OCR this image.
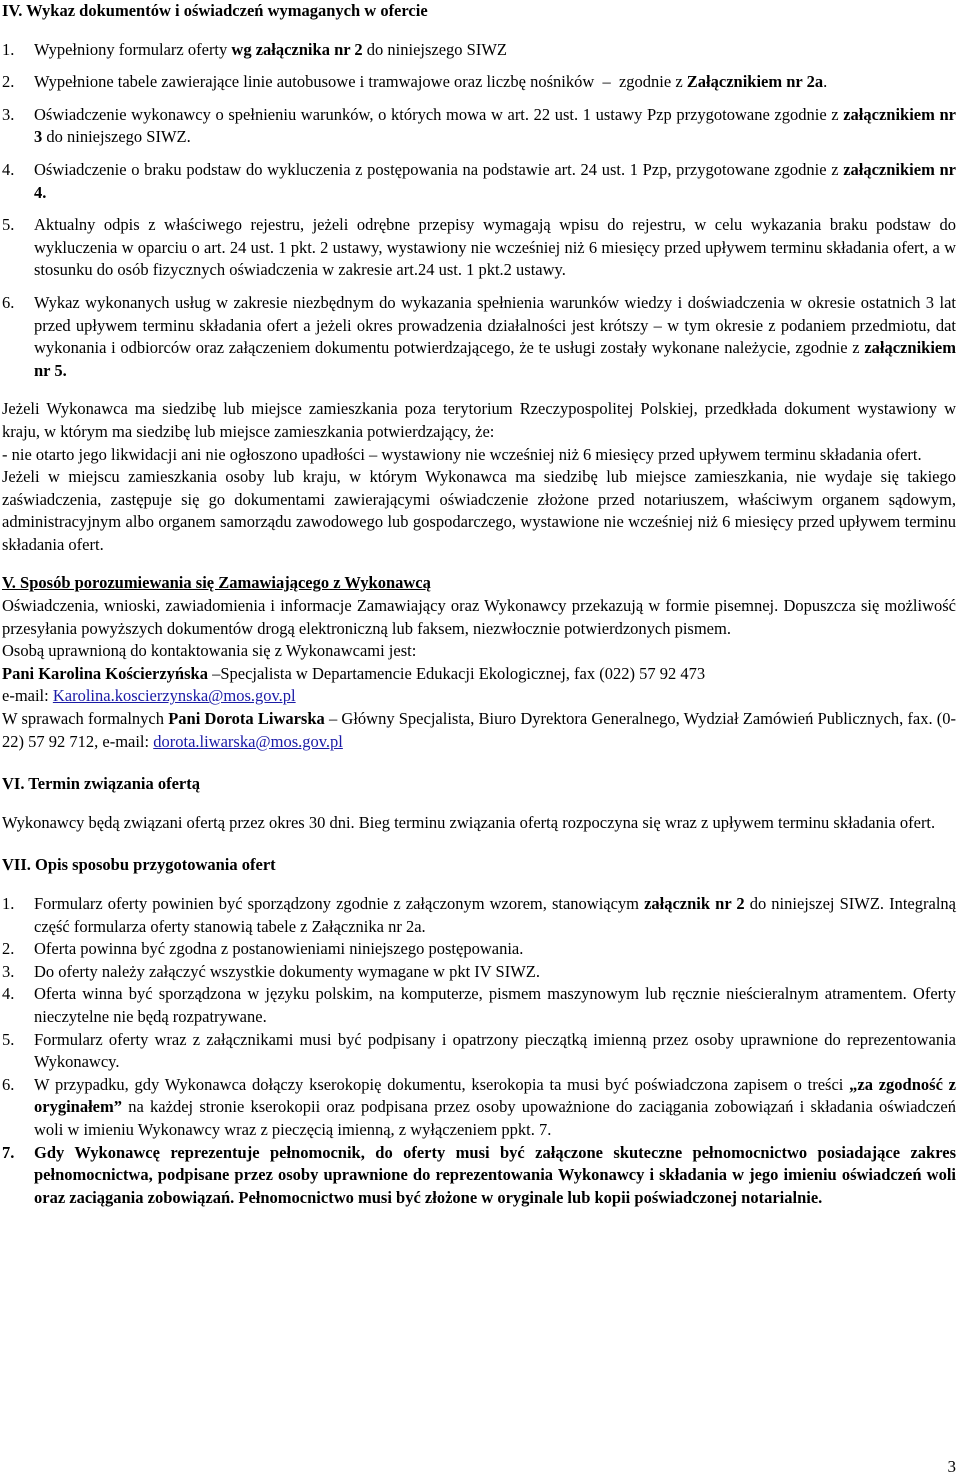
IV. Wykaz dokumentów i oświadczeń wymaganych w ofercie
1. Wypełniony formularz oferty wg załącznika nr 2 do niniejszego SIWZ
2. Wypełnione tabele zawierające linie autobusowe i tramwajowe oraz liczbę nośników  –  zgodnie z Załącznikiem nr 2a.
3. Oświadczenie wykonawcy o spełnieniu warunków, o których mowa w art. 22 ust. 1 ustawy Pzp przygotowane zgodnie z załącznikiem nr 3 do niniejszego SIWZ.
4. Oświadczenie o braku podstaw do wykluczenia z postępowania na podstawie art. 24 ust. 1 Pzp, przygotowane zgodnie z załącznikiem nr 4.
5. Aktualny odpis z właściwego rejestru, jeżeli odrębne przepisy wymagają wpisu do rejestru, w celu wykazania braku podstaw do wykluczenia w oparciu o art. 24 ust. 1 pkt. 2 ustawy, wystawiony nie wcześniej niż 6 miesięcy przed upływem terminu składania ofert, a w stosunku do osób fizycznych oświadczenia w zakresie art.24 ust. 1 pkt.2 ustawy.
6. Wykaz wykonanych usług w zakresie niezbędnym do wykazania spełnienia warunków wiedzy i doświadczenia w okresie ostatnich 3 lat przed upływem terminu składania ofert a jeżeli okres prowadzenia działalności jest krótszy – w tym okresie z podaniem przedmiotu, dat wykonania i odbiorców oraz załączeniem dokumentu potwierdzającego, że te usługi zostały wykonane należycie, zgodnie z załącznikiem nr 5.

Jeżeli Wykonawca ma siedzibę lub miejsce zamieszkania poza terytorium Rzeczypospolitej Polskiej, przedkłada dokument wystawiony w kraju, w którym ma siedzibę lub miejsce zamieszkania potwierdzający, że:

- nie otarto jego likwidacji ani nie ogłoszono upadłości – wystawiony nie wcześniej niż 6 miesięcy przed upływem terminu składania ofert.

Jeżeli w miejscu zamieszkania osoby lub kraju, w którym Wykonawca ma siedzibę lub miejsce zamieszkania, nie wydaje się takiego zaświadczenia, zastępuje się go dokumentami zawierającymi oświadczenie złożone przed notariuszem, właściwym organem sądowym, administracyjnym albo organem samorządu zawodowego lub gospodarczego, wystawione nie wcześniej niż 6 miesięcy przed upływem terminu składania ofert.

V. Sposób porozumiewania się Zamawiającego z Wykonawcą

Oświadczenia, wnioski, zawiadomienia i informacje Zamawiający oraz Wykonawcy przekazują w formie pisemnej. Dopuszcza się możliwość przesyłania powyższych dokumentów drogą elektroniczną lub faksem, niezwłocznie potwierdzonych pismem.

Osobą uprawnioną do kontaktowania się z Wykonawcami jest:

Pani Karolina Kościerzyńska –Specjalista w Departamencie Edukacji Ekologicznej, fax (022) 57 92 473

e-mail: Karolina.koscierzynska@mos.gov.pl

W sprawach formalnych Pani Dorota Liwarska – Główny Specjalista, Biuro Dyrektora Generalnego, Wydział Zamówień Publicznych, fax. (0-22) 57 92 712, e-mail: dorota.liwarska@mos.gov.pl

VI. Termin związania ofertą

Wykonawcy będą związani ofertą przez okres 30 dni. Bieg terminu związania ofertą rozpoczyna się wraz z upływem terminu składania ofert.

VII. Opis sposobu przygotowania ofert
1. Formularz oferty powinien być sporządzony zgodnie z załączonym wzorem, stanowiącym załącznik nr 2 do niniejszej SIWZ. Integralną część formularza oferty stanowią tabele z Załącznika nr 2a.
2. Oferta powinna być zgodna z postanowieniami niniejszego postępowania.
3. Do oferty należy załączyć wszystkie dokumenty wymagane w pkt IV SIWZ.
4. Oferta winna być sporządzona w języku polskim, na komputerze, pismem maszynowym lub ręcznie nieścieralnym atramentem. Oferty nieczytelne nie będą rozpatrywane.
5. Formularz oferty wraz z załącznikami musi być podpisany i opatrzony pieczątką imienną przez osoby uprawnione do reprezentowania Wykonawcy.
6. W przypadku, gdy Wykonawca dołączy kserokopię dokumentu, kserokopia ta musi być poświadczona zapisem o treści „za zgodność z oryginałem” na każdej stronie kserokopii oraz podpisana przez osoby upoważnione do zaciągania zobowiązań i składania oświadczeń woli w imieniu Wykonawcy wraz z pieczęcią imienną, z wyłączeniem ppkt. 7.
7. Gdy Wykonawcę reprezentuje pełnomocnik, do oferty musi być załączone skuteczne pełnomocnictwo posiadające zakres pełnomocnictwa, podpisane przez osoby uprawnione do reprezentowania Wykonawcy i składania w jego imieniu oświadczeń woli oraz zaciągania zobowiązań. Pełnomocnictwo musi być złożone w oryginale lub kopii poświadczonej notarialnie.
3
